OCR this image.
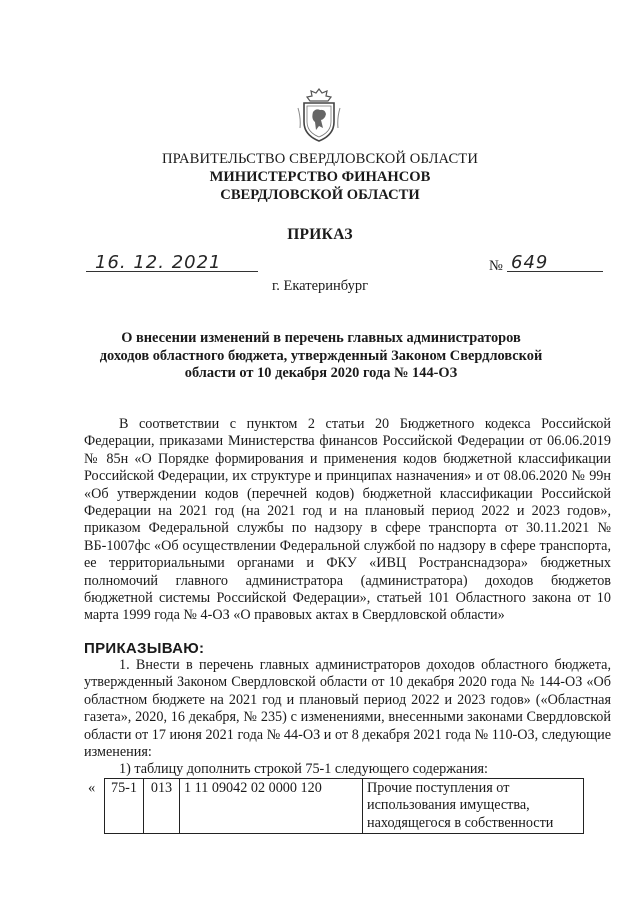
ПРАВИТЕЛЬСТВО СВЕРДЛОВСКОЙ ОБЛАСТИ
МИНИСТЕРСТВО ФИНАНСОВ
СВЕРДЛОВСКОЙ ОБЛАСТИ
ПРИКАЗ
16. 12. 2021	№ 649
г. Екатеринбург
О внесении изменений в перечень главных администраторов доходов областного бюджета, утвержденный Законом Свердловской области от 10 декабря 2020 года № 144-ОЗ
В соответствии с пунктом 2 статьи 20 Бюджетного кодекса Российской Федерации, приказами Министерства финансов Российской Федерации от 06.06.2019 № 85н «О Порядке формирования и применения кодов бюджетной классификации Российской Федерации, их структуре и принципах назначения» и от 08.06.2020 № 99н «Об утверждении кодов (перечней кодов) бюджетной классификации Российской Федерации на 2021 год (на 2021 год и на плановый период 2022 и 2023 годов», приказом Федеральной службы по надзору в сфере транспорта от 30.11.2021 № ВБ-1007фс «Об осуществлении Федеральной службой по надзору в сфере транспорта, ее территориальными органами и ФКУ «ИВЦ Ространснадзора» бюджетных полномочий главного администратора (администратора) доходов бюджетов бюджетной системы Российской Федерации», статьей 101 Областного закона от 10 марта 1999 года № 4-ОЗ «О правовых актах в Свердловской области»
ПРИКАЗЫВАЮ:
1. Внести в перечень главных администраторов доходов областного бюджета, утвержденный Законом Свердловской области от 10 декабря 2020 года № 144-ОЗ «Об областном бюджете на 2021 год и плановый период 2022 и 2023 годов» («Областная газета», 2020, 16 декабря, № 235) с изменениями, внесенными законами Свердловской области от 17 июня 2021 года № 44-ОЗ и от 8 декабря 2021 года № 110-ОЗ, следующие изменения:
1) таблицу дополнить строкой 75-1 следующего содержания:
« 75-1	013	1 11 09042 02 0000 120	Прочие поступления от использования имущества, находящегося в собственности
